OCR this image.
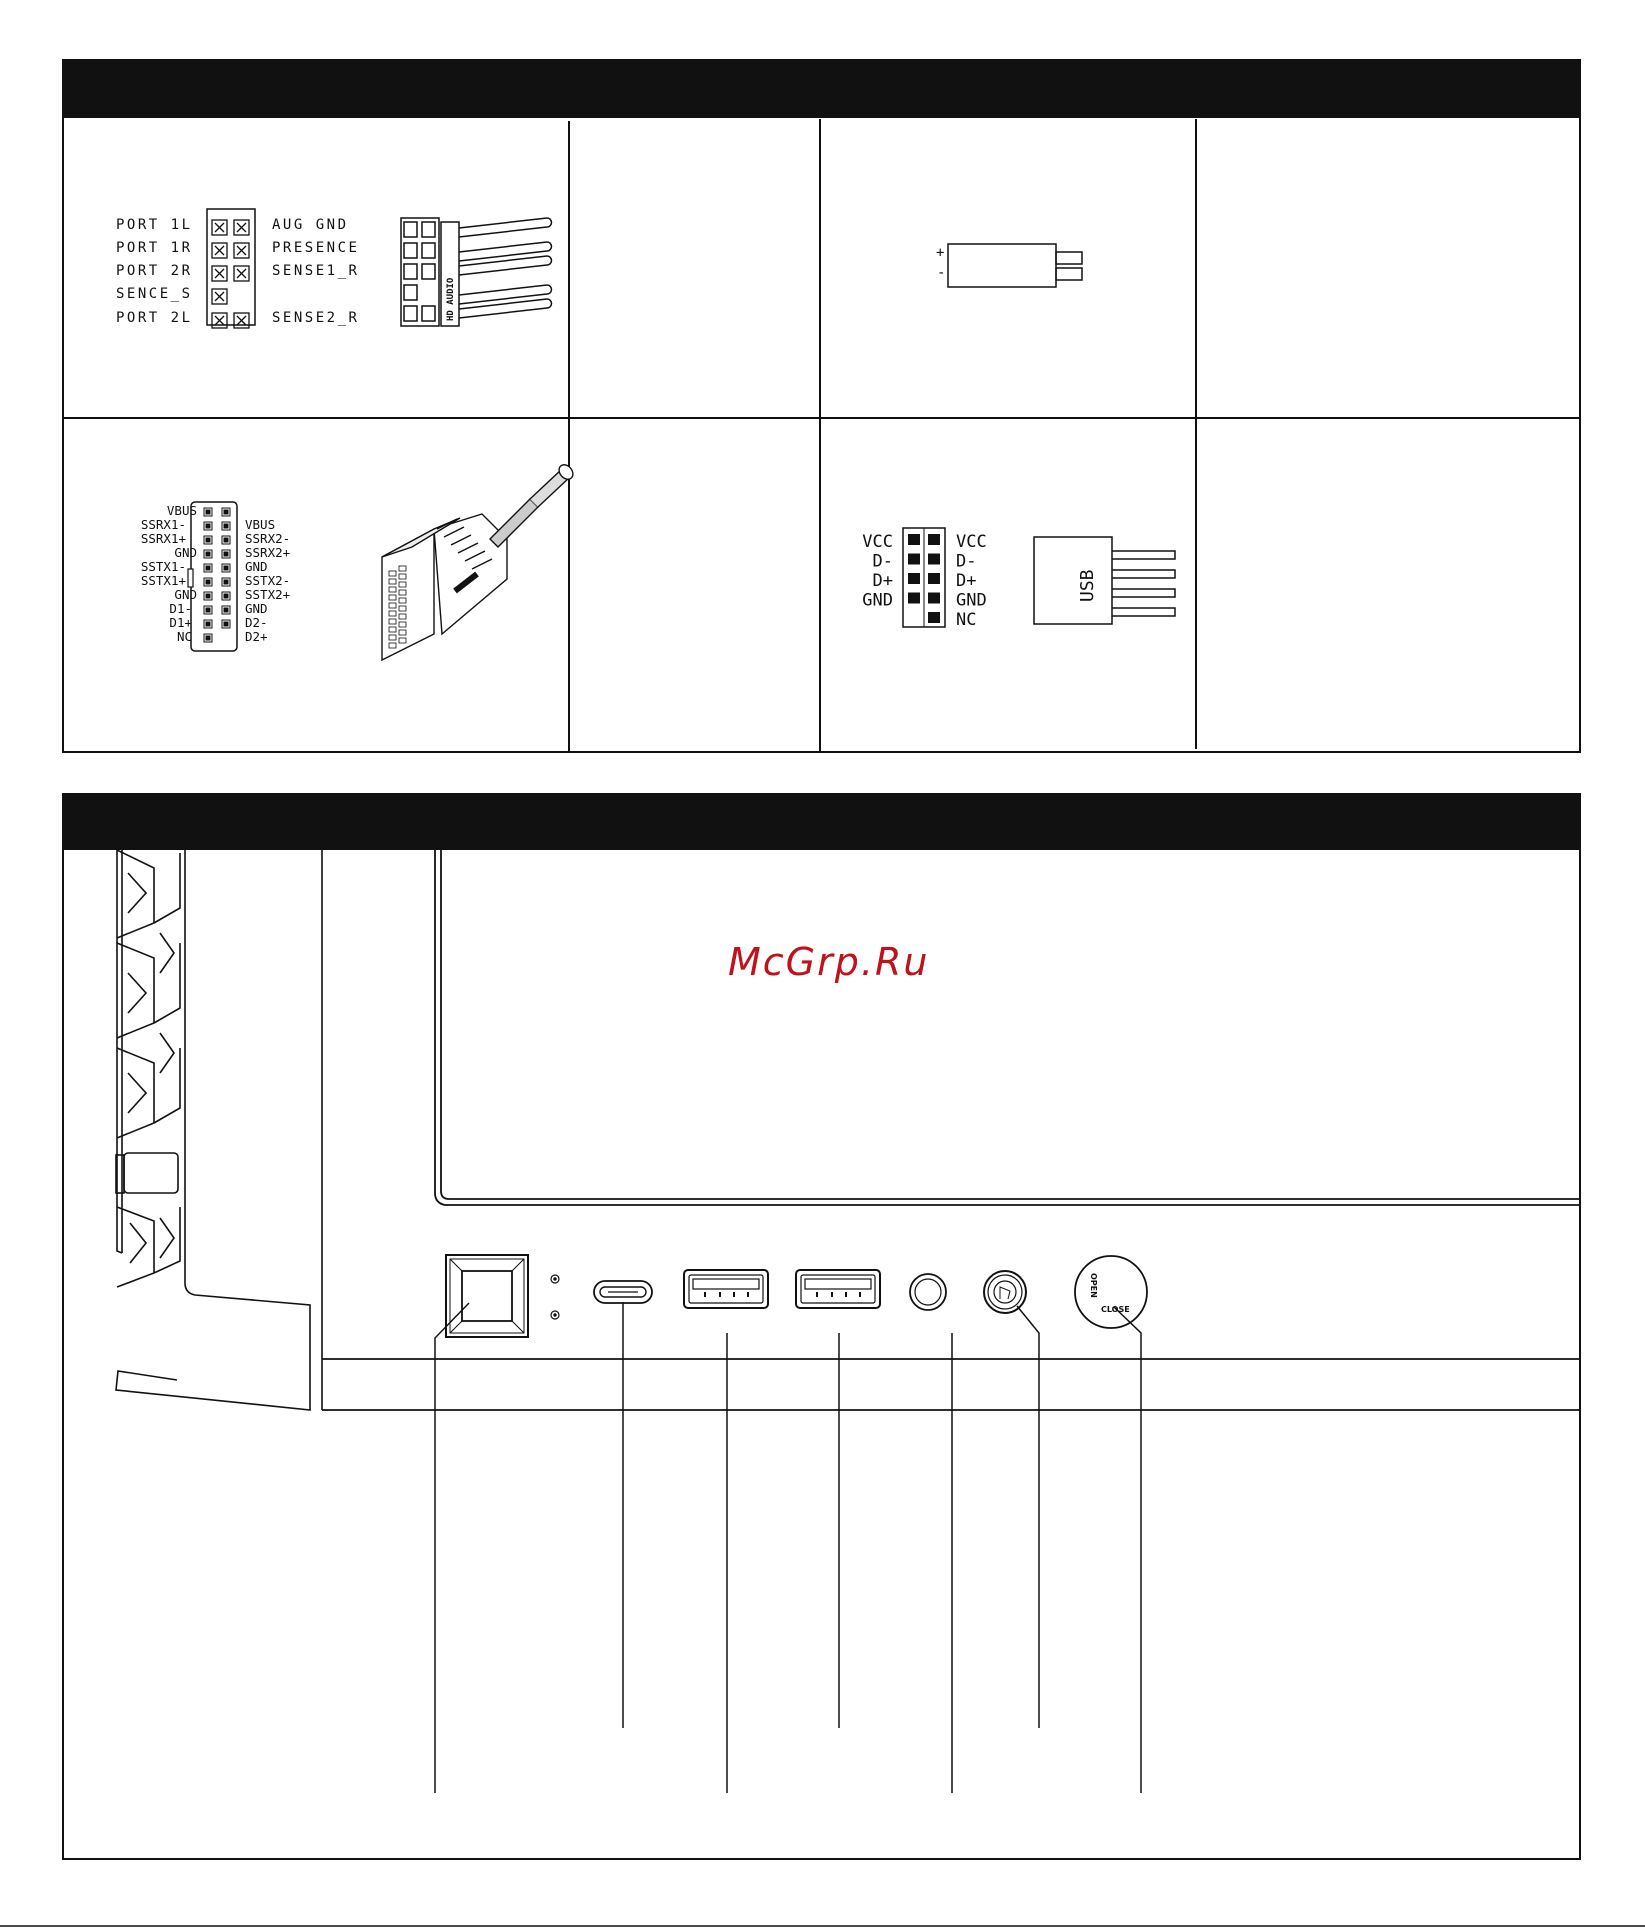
PORT 1L
PORT 1R
PORT 2R
SENCE_S
PORT 2L
AUG GND
PRESENCE
SENSE1_R
SENSE2_R	HD AUDIO
+
-
VBUS
SSRX1-
SSRX1+
GND
SSTX1-
SSTX1+
GND
D1-
D1+
NC
VBUS
SSRX2-
SSRX2+
GND
SSTX2-
SSTX2+
GND
D2-
D2+
VCC
D-
D+
GND
VCC
D-
D+
GND
NC
USB
OPEN
CLOSE
McGrp.Ru
